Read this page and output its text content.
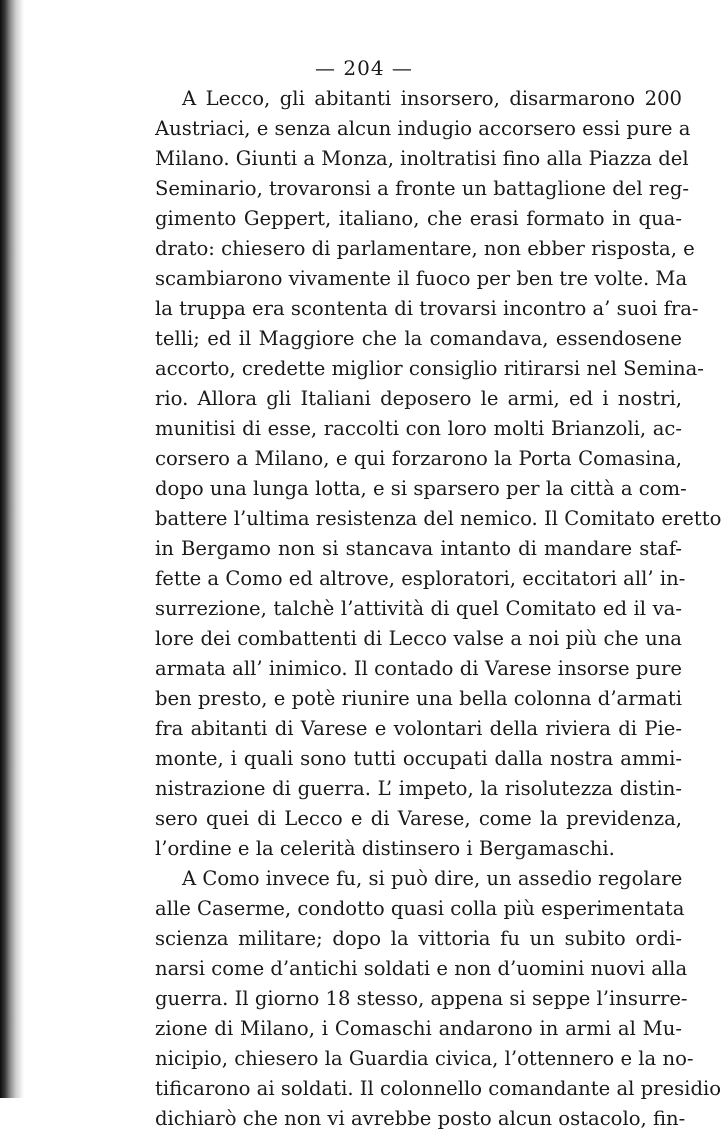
— 204 —
A Lecco, gli abitanti insorsero, disarmarono 200
Austriaci, e senza alcun indugio accorsero essi pure a
Milano. Giunti a Monza, inoltratisi fino alla Piazza del
Seminario, trovaronsi a fronte un battaglione del reg-
gimento Geppert, italiano, che erasi formato in qua-
drato: chiesero di parlamentare, non ebber risposta, e
scambiarono vivamente il fuoco per ben tre volte. Ma
la truppa era scontenta di trovarsi incontro a’ suoi fra-
telli; ed il Maggiore che la comandava, essendosene
accorto, credette miglior consiglio ritirarsi nel Semina-
rio. Allora gli Italiani deposero le armi, ed i nostri,
munitisi di esse, raccolti con loro molti Brianzoli, ac-
corsero a Milano, e qui forzarono la Porta Comasina,
dopo una lunga lotta, e si sparsero per la città a com-
battere l’ultima resistenza del nemico. Il Comitato eretto
in Bergamo non si stancava intanto di mandare staf-
fette a Como ed altrove, esploratori, eccitatori all’ in-
surrezione, talchè l’attività di quel Comitato ed il va-
lore dei combattenti di Lecco valse a noi più che una
armata all’ inimico. Il contado di Varese insorse pure
ben presto, e potè riunire una bella colonna d’armati
fra abitanti di Varese e volontari della riviera di Pie-
monte, i quali sono tutti occupati dalla nostra ammi-
nistrazione di guerra. L’ impeto, la risolutezza distin-
sero quei di Lecco e di Varese, come la previdenza,
l’ordine e la celerità distinsero i Bergamaschi.
A Como invece fu, si può dire, un assedio regolare
alle Caserme, condotto quasi colla più esperimentata
scienza militare; dopo la vittoria fu un subito ordi-
narsi come d’antichi soldati e non d’uomini nuovi alla
guerra. Il giorno 18 stesso, appena si seppe l’insurre-
zione di Milano, i Comaschi andarono in armi al Mu-
nicipio, chiesero la Guardia civica, l’ottennero e la no-
tificarono ai soldati. Il colonnello comandante al presidio
dichiarò che non vi avrebbe posto alcun ostacolo, fin-
